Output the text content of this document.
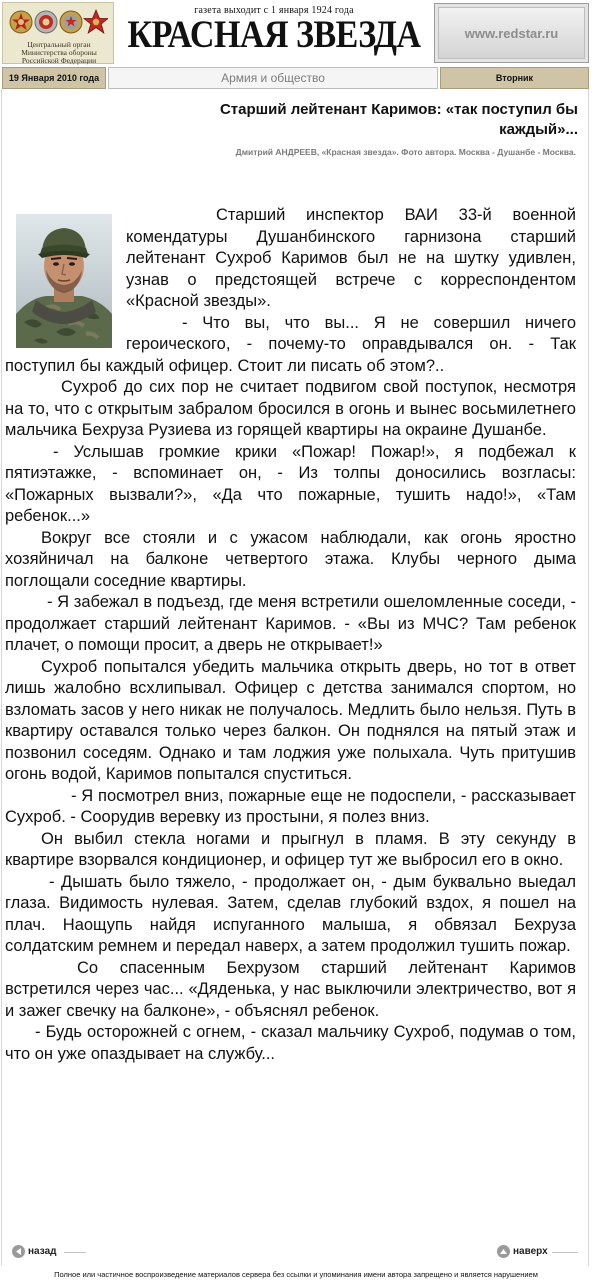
Центральный орган
Министерства обороны
Российской Федерации
газета выходит с 1 января 1924 года
КРАСНАЯ ЗВЕЗДА	www.redstar.ru
19 Января 2010 года	Армия и общество	Вторник
Старший лейтенант Каримов: «так поступил бы каждый»...
Дмитрий АНДРЕЕВ, «Красная звезда». Фото автора. Москва - Душанбе - Москва.

Старший инспектор ВАИ 33-й военной комендатуры Душанбинского гарнизона старший лейтенант Сухроб Каримов был не на шутку удивлен, узнав о предстоящей встрече с корреспондентом «Красной звезды».

- Что вы, что вы... Я не совершил ничего героического, - почему-то оправдывался он. - Так поступил бы каждый офицер. Стоит ли писать об этом?..

Сухроб до сих пор не считает подвигом свой поступок, несмотря на то, что с открытым забралом бросился в огонь и вынес восьмилетнего мальчика Бехруза Рузиева из горящей квартиры на окраине Душанбе.

- Услышав громкие крики «Пожар! Пожар!», я подбежал к пятиэтажке, - вспоминает он, - Из толпы доносились возгласы: «Пожарных вызвали?», «Да что пожарные, тушить надо!», «Там ребенок...»

Вокруг все стояли и с ужасом наблюдали, как огонь яростно хозяйничал на балконе четвертого этажа. Клубы черного дыма поглощали соседние квартиры.

- Я забежал в подъезд, где меня встретили ошеломленные соседи, - продолжает старший лейтенант Каримов. - «Вы из МЧС? Там ребенок плачет, о помощи просит, а дверь не открывает!»

Сухроб попытался убедить мальчика открыть дверь, но тот в ответ лишь жалобно всхлипывал. Офицер с детства занимался спортом, но взломать засов у него никак не получалось. Медлить было нельзя. Путь в квартиру оставался только через балкон. Он поднялся на пятый этаж и позвонил соседям. Однако и там лоджия уже полыхала. Чуть притушив огонь водой, Каримов попытался спуститься.

- Я посмотрел вниз, пожарные еще не подоспели, - рассказывает Сухроб. - Соорудив веревку из простыни, я полез вниз.

Он выбил стекла ногами и прыгнул в пламя. В эту секунду в квартире взорвался кондиционер, и офицер тут же выбросил его в окно.

- Дышать было тяжело, - продолжает он, - дым буквально выедал глаза. Видимость нулевая. Затем, сделав глубокий вздох, я пошел на плач. Наощупь найдя испуганного малыша, я обвязал Бехруза солдатским ремнем и передал наверх, а затем продолжил тушить пожар.

Со спасенным Бехрузом старший лейтенант Каримов встретился через час... «Дяденька, у нас выключили электричество, вот я и зажег свечку на балконе», - объяснял ребенок.

- Будь осторожней с огнем, - сказал мальчику Сухроб, подумав о том, что он уже опаздывает на службу...

назад	наверх
Полное или частичное воспроизведение материалов сервера без ссылки и упоминания имени автора запрещено и является нарушением
